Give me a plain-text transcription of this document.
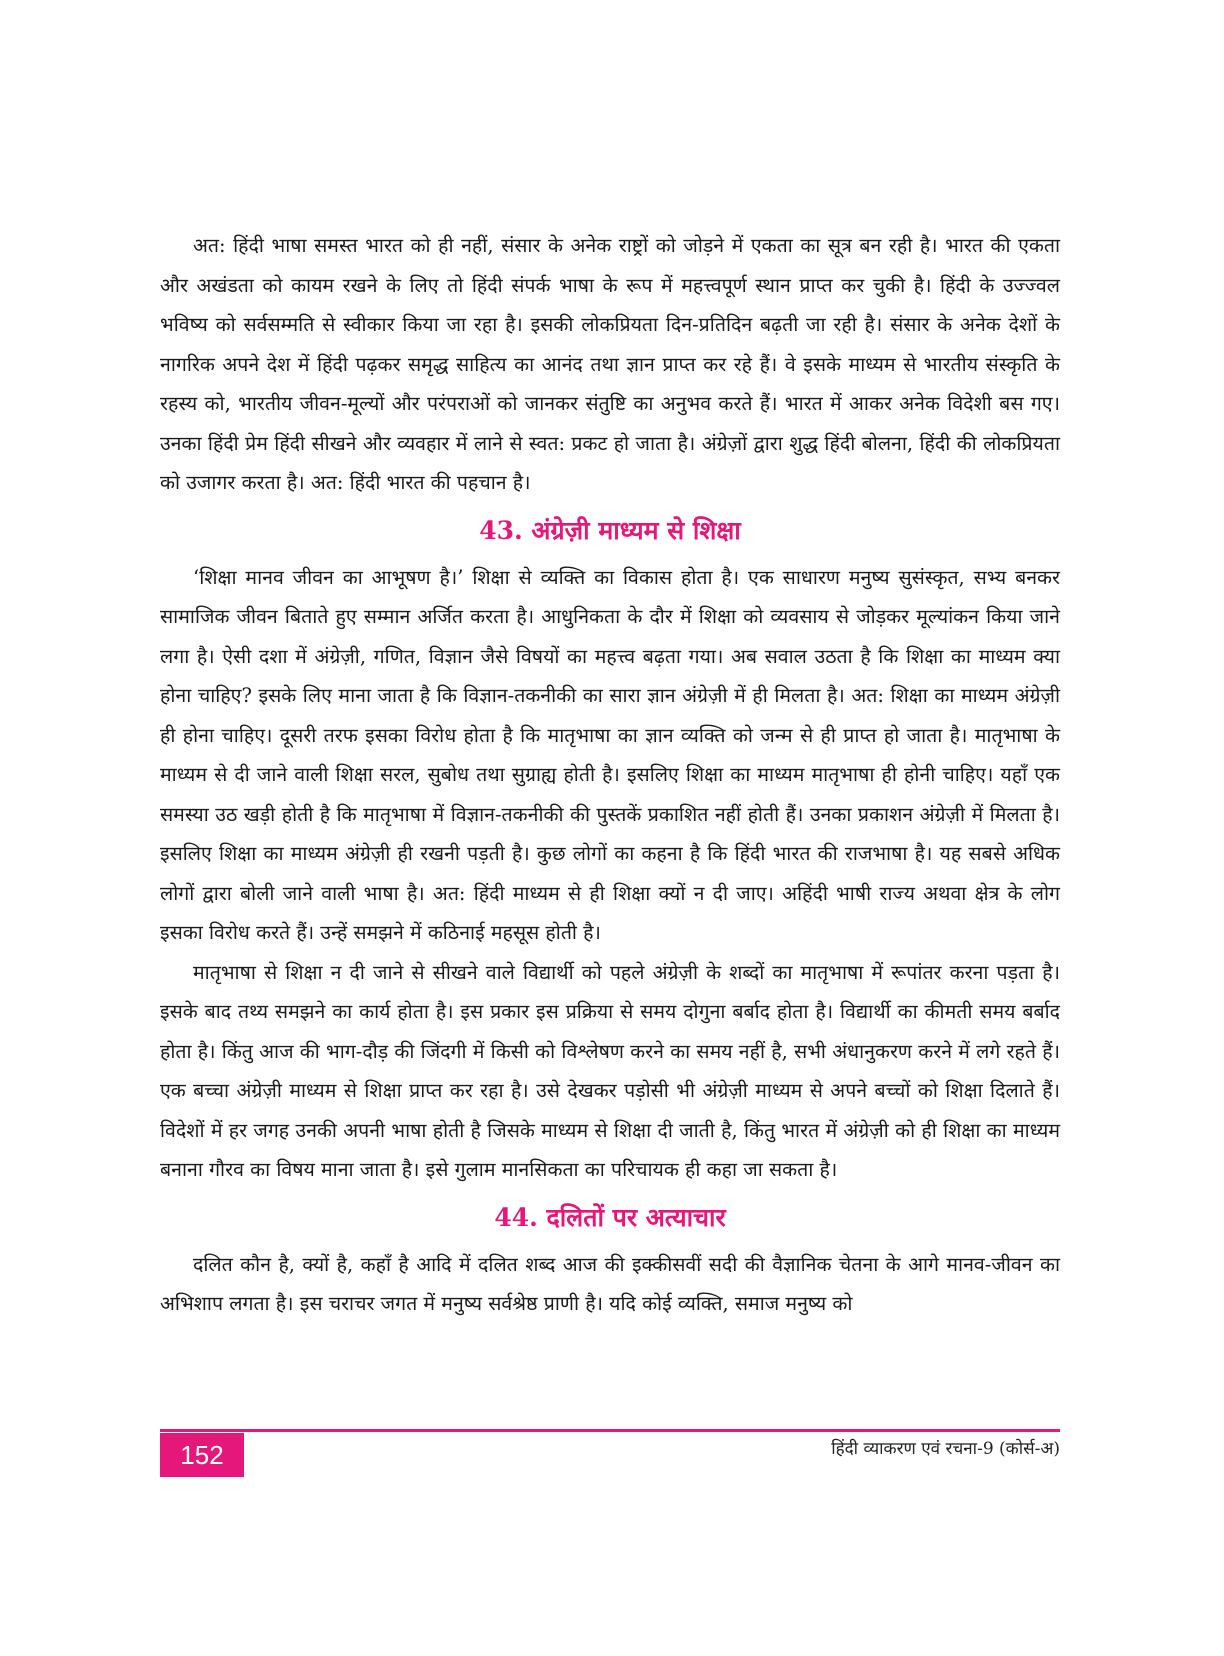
अत: हिंदी भाषा समस्त भारत को ही नहीं, संसार के अनेक राष्ट्रों को जोड़ने में एकता का सूत्र बन रही है। भारत की एकता और अखंडता को कायम रखने के लिए तो हिंदी संपर्क भाषा के रूप में महत्त्वपूर्ण स्थान प्राप्त कर चुकी है। हिंदी के उज्ज्वल भविष्य को सर्वसम्मति से स्वीकार किया जा रहा है। इसकी लोकप्रियता दिन-प्रतिदिन बढ़ती जा रही है। संसार के अनेक देशों के नागरिक अपने देश में हिंदी पढ़कर समृद्ध साहित्य का आनंद तथा ज्ञान प्राप्त कर रहे हैं। वे इसके माध्यम से भारतीय संस्कृति के रहस्य को, भारतीय जीवन-मूल्यों और परंपराओं को जानकर संतुष्टि का अनुभव करते हैं। भारत में आकर अनेक विदेशी बस गए। उनका हिंदी प्रेम हिंदी सीखने और व्यवहार में लाने से स्वत: प्रकट हो जाता है। अंग्रेज़ों द्वारा शुद्ध हिंदी बोलना, हिंदी की लोकप्रियता को उजागर करता है। अत: हिंदी भारत की पहचान है।

43. अंग्रेज़ी माध्यम से शिक्षा

‘शिक्षा मानव जीवन का आभूषण है।’ शिक्षा से व्यक्ति का विकास होता है। एक साधारण मनुष्य सुसंस्कृत, सभ्य बनकर सामाजिक जीवन बिताते हुए सम्मान अर्जित करता है। आधुनिकता के दौर में शिक्षा को व्यवसाय से जोड़कर मूल्यांकन किया जाने लगा है। ऐसी दशा में अंग्रेज़ी, गणित, विज्ञान जैसे विषयों का महत्त्व बढ़ता गया। अब सवाल उठता है कि शिक्षा का माध्यम क्या होना चाहिए? इसके लिए माना जाता है कि विज्ञान-तकनीकी का सारा ज्ञान अंग्रेज़ी में ही मिलता है। अत: शिक्षा का माध्यम अंग्रेज़ी ही होना चाहिए। दूसरी तरफ इसका विरोध होता है कि मातृभाषा का ज्ञान व्यक्ति को जन्म से ही प्राप्त हो जाता है। मातृभाषा के माध्यम से दी जाने वाली शिक्षा सरल, सुबोध तथा सुग्राह्य होती है। इसलिए शिक्षा का माध्यम मातृभाषा ही होनी चाहिए। यहाँ एक समस्या उठ खड़ी होती है कि मातृभाषा में विज्ञान-तकनीकी की पुस्तकें प्रकाशित नहीं होती हैं। उनका प्रकाशन अंग्रेज़ी में मिलता है। इसलिए शिक्षा का माध्यम अंग्रेज़ी ही रखनी पड़ती है। कुछ लोगों का कहना है कि हिंदी भारत की राजभाषा है। यह सबसे अधिक लोगों द्वारा बोली जाने वाली भाषा है। अत: हिंदी माध्यम से ही शिक्षा क्यों न दी जाए। अहिंदी भाषी राज्य अथवा क्षेत्र के लोग इसका विरोध करते हैं। उन्हें समझने में कठिनाई महसूस होती है।

मातृभाषा से शिक्षा न दी जाने से सीखने वाले विद्यार्थी को पहले अंग्रेज़ी के शब्दों का मातृभाषा में रूपांतर करना पड़ता है। इसके बाद तथ्य समझने का कार्य होता है। इस प्रकार इस प्रक्रिया से समय दोगुना बर्बाद होता है। विद्यार्थी का कीमती समय बर्बाद होता है। किंतु आज की भाग-दौड़ की जिंदगी में किसी को विश्लेषण करने का समय नहीं है, सभी अंधानुकरण करने में लगे रहते हैं। एक बच्चा अंग्रेज़ी माध्यम से शिक्षा प्राप्त कर रहा है। उसे देखकर पड़ोसी भी अंग्रेज़ी माध्यम से अपने बच्चों को शिक्षा दिलाते हैं। विदेशों में हर जगह उनकी अपनी भाषा होती है जिसके माध्यम से शिक्षा दी जाती है, किंतु भारत में अंग्रेज़ी को ही शिक्षा का माध्यम बनाना गौरव का विषय माना जाता है। इसे गुलाम मानसिकता का परिचायक ही कहा जा सकता है।

44. दलितों पर अत्याचार

दलित कौन है, क्यों है, कहाँ है आदि में दलित शब्द आज की इक्कीसवीं सदी की वैज्ञानिक चेतना के आगे मानव-जीवन का अभिशाप लगता है। इस चराचर जगत में मनुष्य सर्वश्रेष्ठ प्राणी है। यदि कोई व्यक्ति, समाज मनुष्य को

152	हिंदी व्याकरण एवं रचना-9 (कोर्स-अ)
